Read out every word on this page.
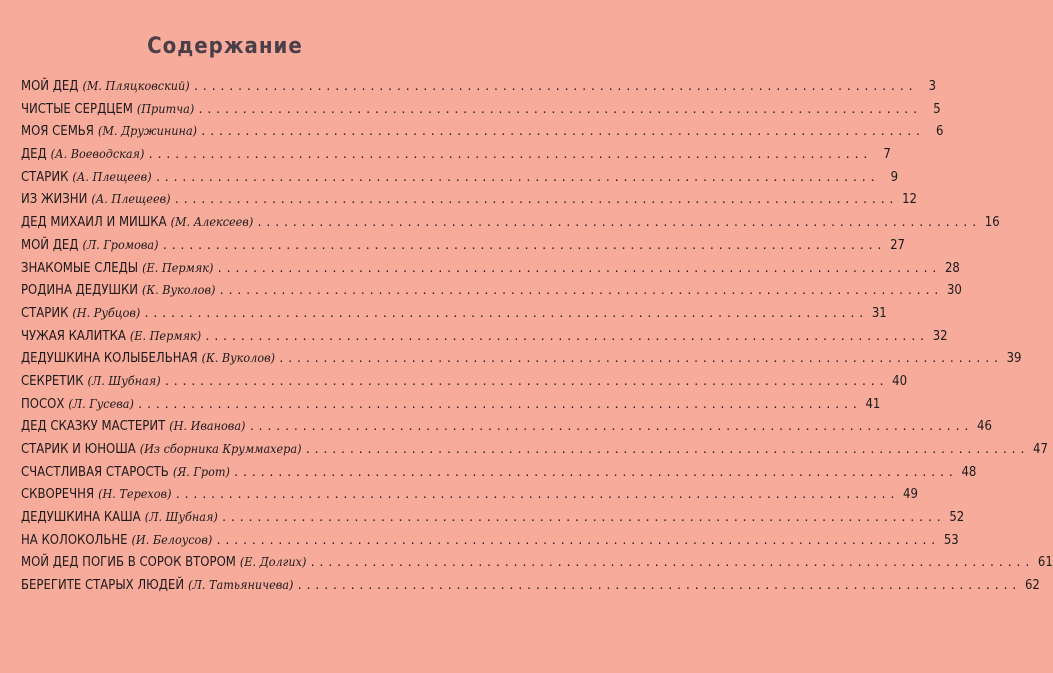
Содержание
МОЙ ДЕД (М. Пляцковский) .................................................................................. 3
ЧИСТЫЕ СЕРДЦЕМ (Притча) .................................................................................. 5
МОЯ СЕМЬЯ (М. Дружинина) .................................................................................. 6
ДЕД (А. Воеводская) .................................................................................. 7
СТАРИК (А. Плещеев) .................................................................................. 9
ИЗ ЖИЗНИ (А. Плещеев) .................................................................................. 12
ДЕД МИХАИЛ И МИШКА (М. Алексеев) .................................................................................. 16
МОЙ ДЕД (Л. Громова) .................................................................................. 27
ЗНАКОМЫЕ СЛЕДЫ (Е. Пермяк) .................................................................................. 28
РОДИНА ДЕДУШКИ (К. Вуколов) .................................................................................. 30
СТАРИК (Н. Рубцов) .................................................................................. 31
ЧУЖАЯ КАЛИТКА (Е. Пермяк) .................................................................................. 32
ДЕДУШКИНА КОЛЫБЕЛЬНАЯ (К. Вуколов) .................................................................................. 39
СЕКРЕТИК (Л. Шубная) .................................................................................. 40
ПОСОХ (Л. Гусева) .................................................................................. 41
ДЕД СКАЗКУ МАСТЕРИТ (Н. Иванова) .................................................................................. 46
СТАРИК И ЮНОША (Из сборника Круммахера) .................................................................................. 47
СЧАСТЛИВАЯ СТАРОСТЬ (Я. Грот) .................................................................................. 48
СКВОРЕЧНЯ (Н. Терехов) .................................................................................. 49
ДЕДУШКИНА КАША (Л. Шубная) .................................................................................. 52
НА КОЛОКОЛЬНЕ (И. Белоусов) .................................................................................. 53
МОЙ ДЕД ПОГИБ В СОРОК ВТОРОМ (Е. Долгих) .................................................................................. 61
БЕРЕГИТЕ СТАРЫХ ЛЮДЕЙ (Л. Татьяничева) .................................................................................. 62
